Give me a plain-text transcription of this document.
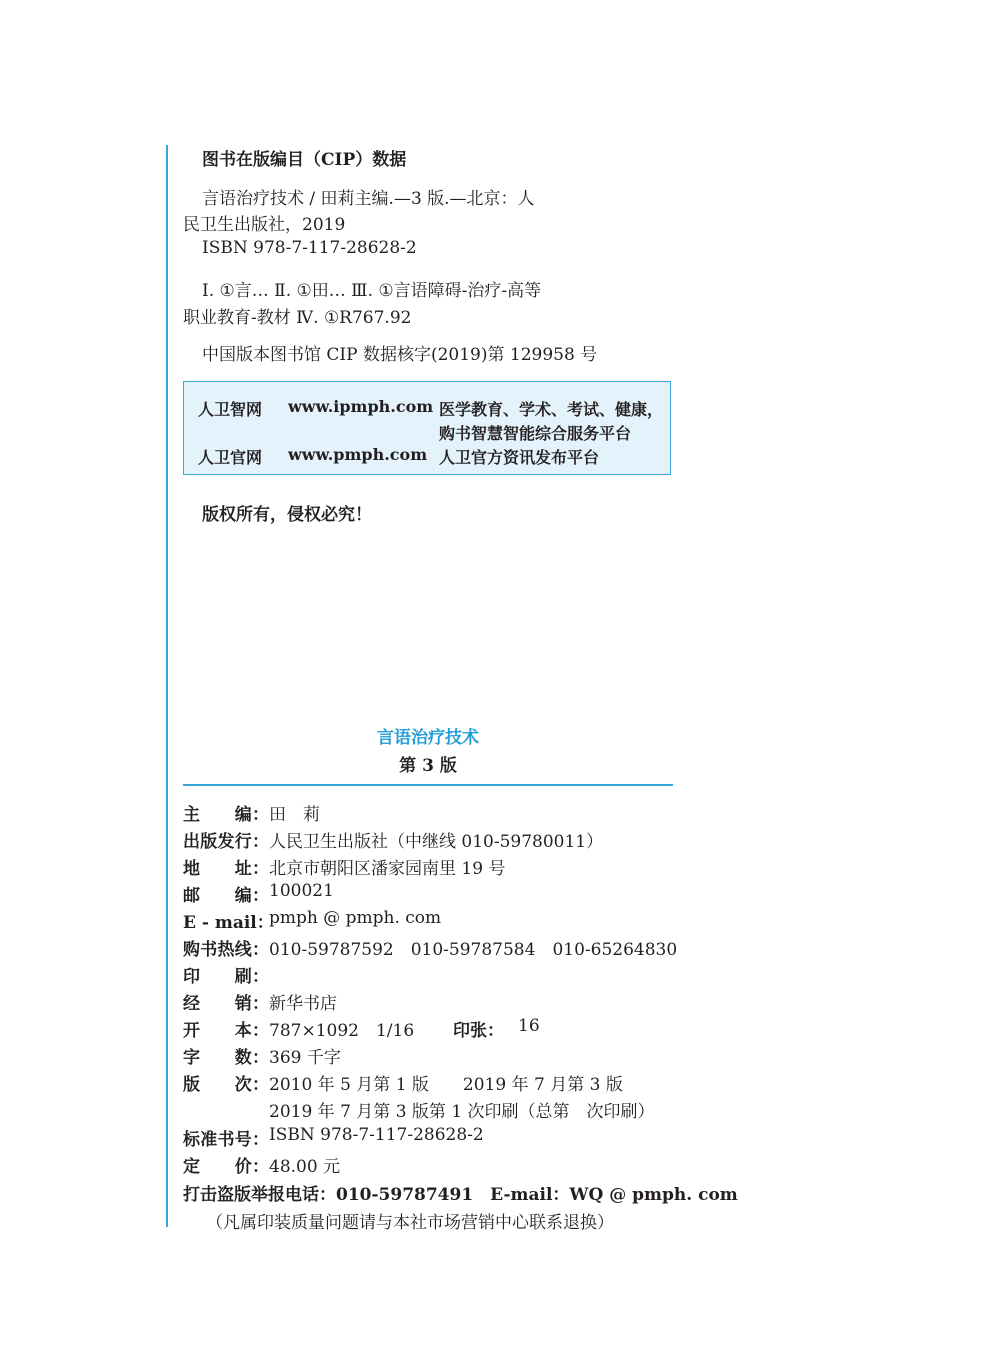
图书在版编目（CIP）数据
言语治疗技术 / 田莉主编.—3 版.—北京：人
民卫生出版社，2019
ISBN 978-7-117-28628-2
Ⅰ. ①言… Ⅱ. ①田… Ⅲ. ①言语障碍-治疗-高等
职业教育-教材 Ⅳ. ①R767.92
中国版本图书馆 CIP 数据核字(2019)第 129958 号
人卫智网 www.ipmph.com 医学教育、学术、考试、健康，
购书智慧智能综合服务平台
人卫官网 www.pmph.com 人卫官方资讯发布平台
版权所有，侵权必究！
言语治疗技术
第 3 版
主　　编： 田　莉
出版发行： 人民卫生出版社（中继线 010-59780011）
地　　址： 北京市朝阳区潘家园南里 19 号
邮　　编： 100021
E - mail：
pmph @ pmph. com
购书热线： 010-59787592　010-59787584　010-65264830
印　　刷：
经　　销： 新华书店
开　　本： 787×1092　1/16 印张： 16
字　　数： 369 千字
版　　次： 2010 年 5 月第 1 版　　2019 年 7 月第 3 版
2019 年 7 月第 3 版第 1 次印刷（总第　次印刷）
标准书号： ISBN 978-7-117-28628-2
定　　价： 48.00 元
打击盗版举报电话：010-59787491　E-mail：WQ @ pmph. com
（凡属印装质量问题请与本社市场营销中心联系退换）
